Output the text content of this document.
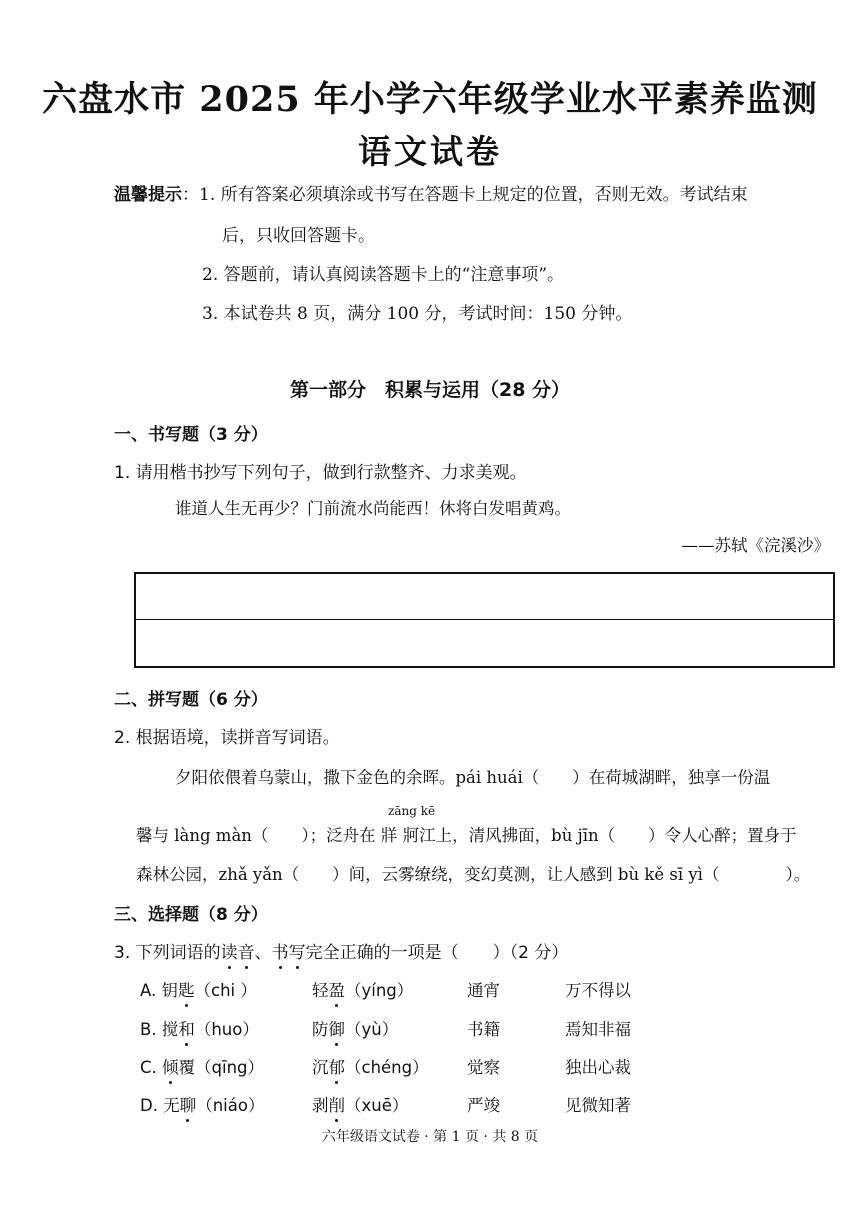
六盘水市 2025 年小学六年级学业水平素养监测
语文试卷
温馨提示：1. 所有答案必须填涂或书写在答题卡上规定的位置，否则无效。考试结束
后，只收回答题卡。
2. 答题前，请认真阅读答题卡上的“注意事项”。
3. 本试卷共 8 页，满分 100 分，考试时间：150 分钟。
第一部分　积累与运用（28 分）
一、书写题（3 分）
1. 请用楷书抄写下列句子，做到行款整齐、力求美观。
谁道人生无再少？门前流水尚能西！休将白发唱黄鸡。
——苏轼《浣溪沙》
二、拼写题（6 分）
2. 根据语境，读拼音写词语。
夕阳依偎着乌蒙山，撒下金色的余晖。pái huái（　　）在荷城湖畔，独享一份温
zāng kē
馨与 làng màn（　　）；泛舟在 牂 牁江上，清风拂面，bù jīn（　　）令人心醉；置身于
森林公园，zhǎ yǎn（　　）间，云雾缭绕，变幻莫测，让人感到 bù kě sī yì（　　　　）。
三、选择题（8 分）
3. 下列词语的读音、书写完全正确的一项是（　　）（2 分）
A. 钥匙（chi ）	轻盈（yíng）	通宵	万不得以
B. 搅和（huo）	防御（yù）	书籍	焉知非福
C. 倾覆（qīng）	沉郁（chéng） 觉察	独出心裁
D. 无聊（niáo）	剥削（xuē）	严竣	见微知著
六年级语文试卷 · 第 1 页 · 共 8 页
